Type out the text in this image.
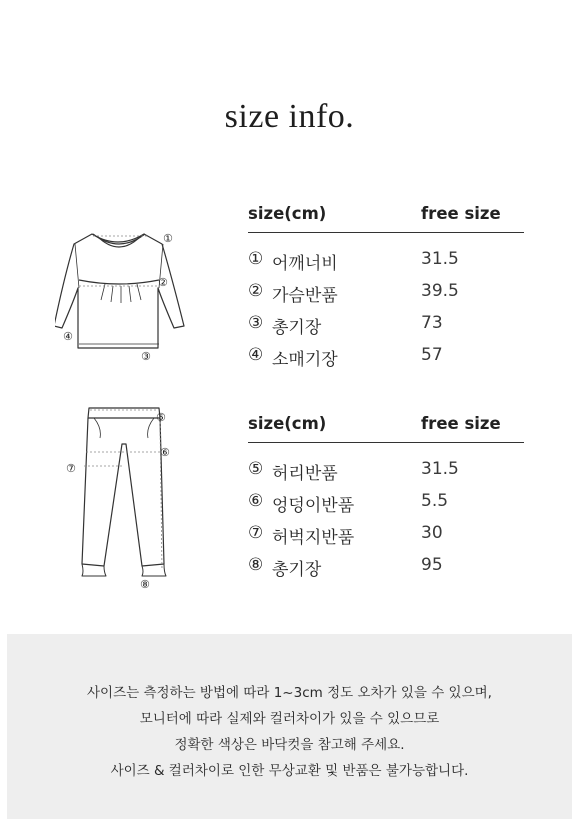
size info.
①
②
③
④
⑤
⑥
⑦
⑧
size(cm)	free size
① 어깨너비	31.5
② 가슴반품	39.5
③ 총기장	73
④ 소매기장	57
size(cm)	free size
⑤ 허리반품	31.5
⑥ 엉덩이반품	5.5
⑦ 허벅지반품	30
⑧ 총기장	95
사이즈는 측정하는 방법에 따라 1~3cm 정도 오차가 있을 수 있으며,
모니터에 따라 실제와 컬러차이가 있을 수 있으므로
정확한 색상은 바닥컷을 참고해 주세요.
사이즈 & 컬러차이로 인한 무상교환 및 반품은 불가능합니다.
